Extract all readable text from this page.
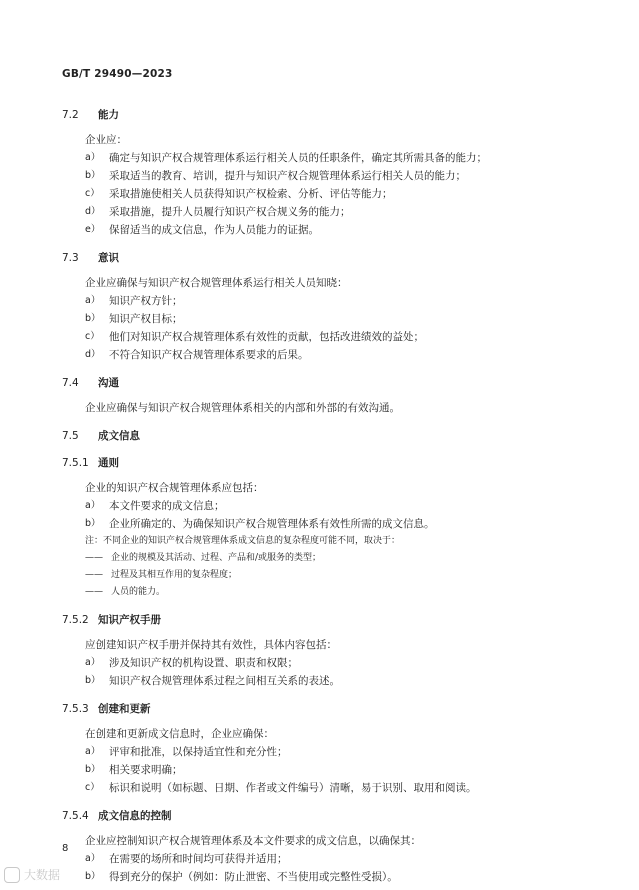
GB/T 29490—2023
7.2	能力
企业应：
a） 确定与知识产权合规管理体系运行相关人员的任职条件，确定其所需具备的能力；
b） 采取适当的教育、培训，提升与知识产权合规管理体系运行相关人员的能力；
c） 采取措施使相关人员获得知识产权检索、分析、评估等能力；
d） 采取措施，提升人员履行知识产权合规义务的能力；
e） 保留适当的成文信息，作为人员能力的证据。
7.3	意识
企业应确保与知识产权合规管理体系运行相关人员知晓：
a） 知识产权方针；
b） 知识产权目标；
c） 他们对知识产权合规管理体系有效性的贡献，包括改进绩效的益处；
d） 不符合知识产权合规管理体系要求的后果。
7.4	沟通
企业应确保与知识产权合规管理体系相关的内部和外部的有效沟通。
7.5	成文信息
7.5.1 通则
企业的知识产权合规管理体系应包括：
a） 本文件要求的成文信息；
b） 企业所确定的、为确保知识产权合规管理体系有效性所需的成文信息。
注：不同企业的知识产权合规管理体系成文信息的复杂程度可能不同，取决于：
—— 企业的规模及其活动、过程、产品和/或服务的类型；
—— 过程及其相互作用的复杂程度；
—— 人员的能力。
7.5.2 知识产权手册
应创建知识产权手册并保持其有效性，具体内容包括：
a） 涉及知识产权的机构设置、职责和权限；
b） 知识产权合规管理体系过程之间相互关系的表述。
7.5.3 创建和更新
在创建和更新成文信息时，企业应确保：
a） 评审和批准，以保持适宜性和充分性；
b） 相关要求明确；
c） 标识和说明（如标题、日期、作者或文件编号）清晰，易于识别、取用和阅读。
7.5.4 成文信息的控制
企业应控制知识产权合规管理体系及本文件要求的成文信息，以确保其：
a） 在需要的场所和时间均可获得并适用；
b） 得到充分的保护（例如：防止泄密、不当使用或完整性受损）。
8
大数据
